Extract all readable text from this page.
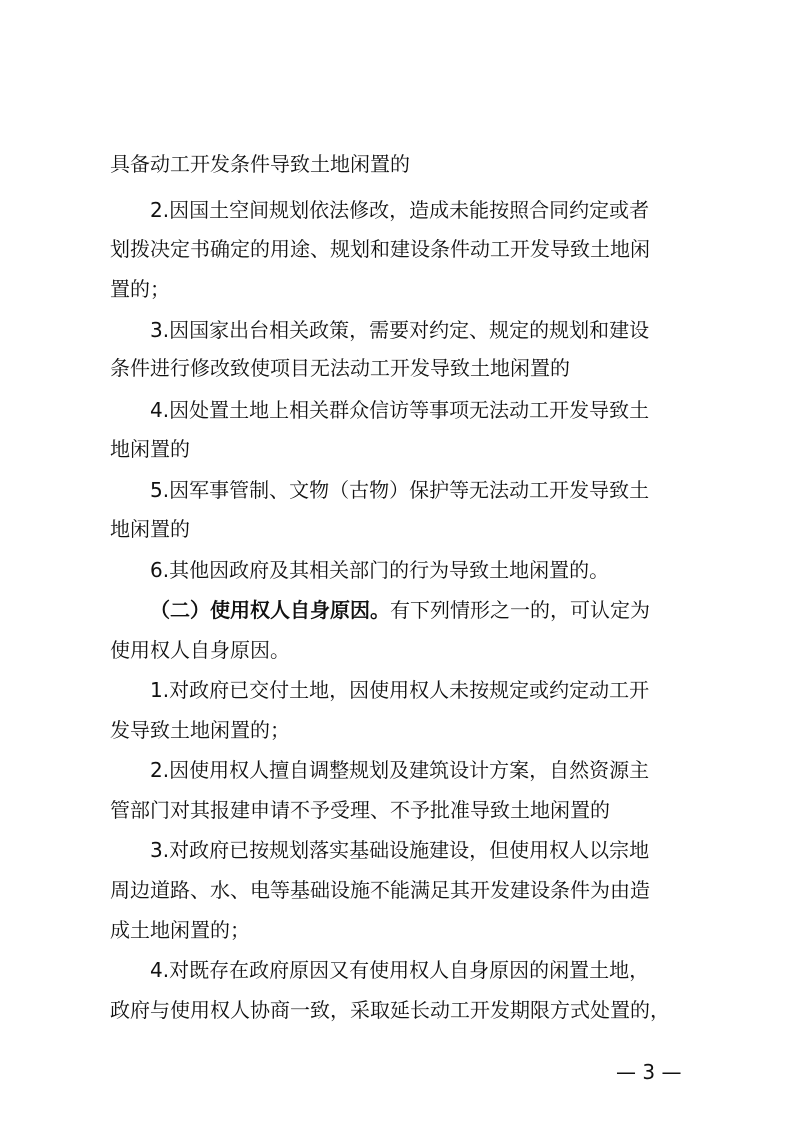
具备动工开发条件导致土地闲置的
2.因国土空间规划依法修改，造成未能按照合同约定或者
划拨决定书确定的用途、规划和建设条件动工开发导致土地闲
置的；
3.因国家出台相关政策，需要对约定、规定的规划和建设
条件进行修改致使项目无法动工开发导致土地闲置的
4.因处置土地上相关群众信访等事项无法动工开发导致土
地闲置的
5.因军事管制、文物（古物）保护等无法动工开发导致土
地闲置的
6.其他因政府及其相关部门的行为导致土地闲置的。
（二）使用权人自身原因。有下列情形之一的，可认定为
使用权人自身原因。
1.对政府已交付土地，因使用权人未按规定或约定动工开
发导致土地闲置的；
2.因使用权人擅自调整规划及建筑设计方案，自然资源主
管部门对其报建申请不予受理、不予批准导致土地闲置的
3.对政府已按规划落实基础设施建设，但使用权人以宗地
周边道路、水、电等基础设施不能满足其开发建设条件为由造
成土地闲置的；
4.对既存在政府原因又有使用权人自身原因的闲置土地，
政府与使用权人协商一致，采取延长动工开发期限方式处置的，
— 3 —
